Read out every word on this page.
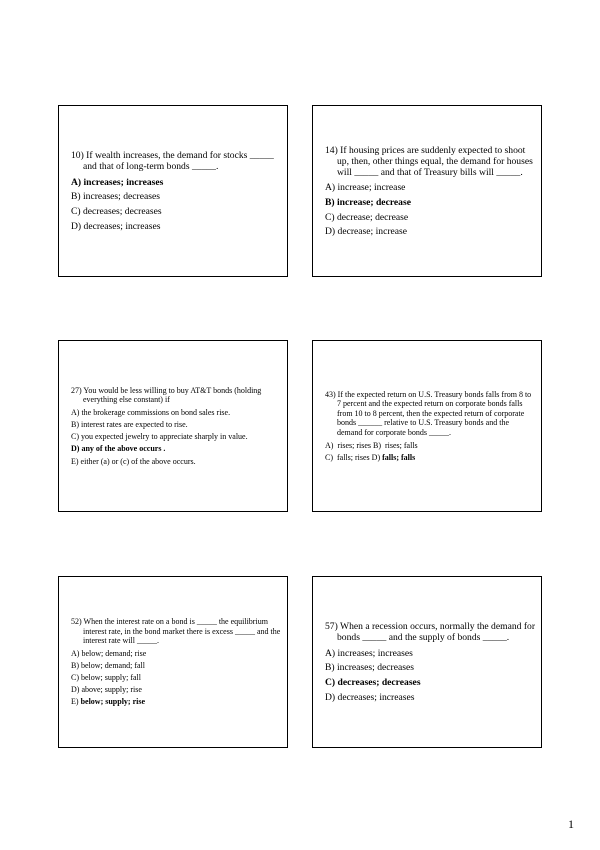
10) If wealth increases, the demand for stocks _____ and that of long-term bonds _____.
A) increases; increases
B) increases; decreases
C) decreases; decreases
D) decreases; increases
14) If housing prices are suddenly expected to shoot up, then, other things equal, the demand for houses will _____ and that of Treasury bills will _____.
A) increase; increase
B) increase; decrease
C) decrease; decrease
D) decrease; increase
27) You would be less willing to buy AT&T bonds (holding everything else constant) if
A) the brokerage commissions on bond sales rise.
B) interest rates are expected to rise.
C) you expected jewelry to appreciate sharply in value.
D) any of the above occurs .
E) either (a) or (c) of the above occurs.
43) If the expected return on U.S. Treasury bonds falls from 8 to 7 percent and the expected return on corporate bonds falls from 10 to 8 percent, then the expected return of corporate bonds ______ relative to U.S. Treasury bonds and the demand for corporate bonds _____.
A)  rises; rises B)  rises; falls
C)  falls; rises D) falls; falls
52) When the interest rate on a bond is _____ the equilibrium interest rate, in the bond market there is excess _____ and the interest rate will _____.
A) below; demand; rise
B) below; demand; fall
C) below; supply; fall
D) above; supply; rise
E) below; supply; rise
57) When a recession occurs, normally the demand for bonds _____ and the supply of bonds _____.
A) increases; increases
B) increases; decreases
C) decreases; decreases
D) decreases; increases
1
